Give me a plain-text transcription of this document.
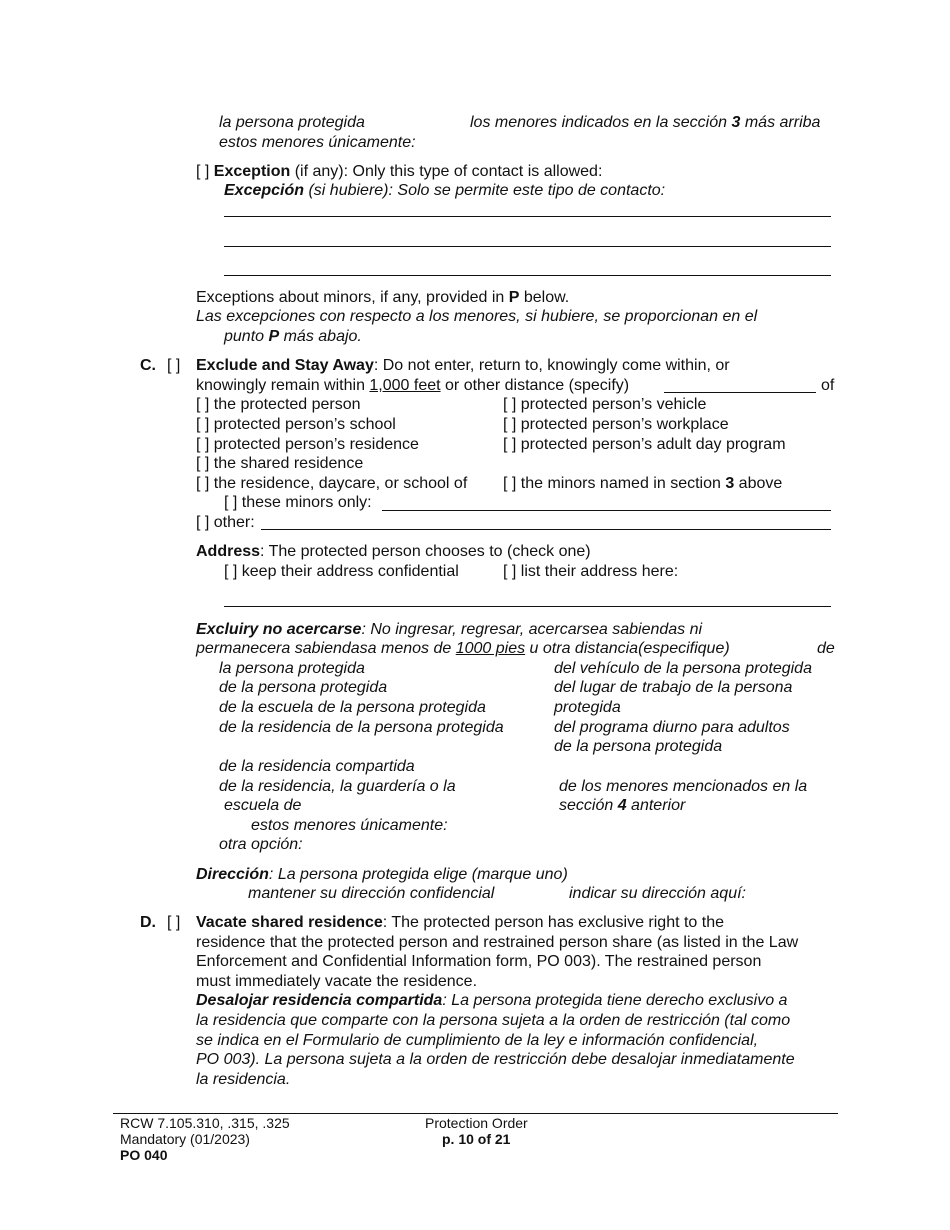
la persona protegida	los menores indicados en la sección 3 más arriba
estos menores únicamente:
[ ] Exception (if any): Only this type of contact is allowed:
Excepción (si hubiere): Solo se permite este tipo de contacto:
Exceptions about minors, if any, provided in P below.
Las excepciones con respecto a los menores, si hubiere, se proporcionan en el
punto P más abajo.
C. [ ] Exclude and Stay Away: Do not enter, return to, knowingly come within, or
knowingly remain within 1,000 feet or other distance (specify)	of
[ ] the protected person
[ ] protected person’s school
[ ] protected person’s residence
[ ] the shared residence
[ ] the residence, daycare, or school of
[ ] protected person’s vehicle
[ ] protected person’s workplace
[ ] protected person’s adult day program
[ ] the minors named in section 3 above
[ ] these minors only:
[ ] other:
Address: The protected person chooses to (check one)
[ ] keep their address confidential	[ ] list their address here:
Excluiry no acercarse: No ingresar, regresar, acercarsea sabiendas ni
permanecera sabiendasa menos de 1000 pies u otra distancia(especifique)	de
la persona protegida
de la persona protegida
de la escuela de la persona protegida
de la residencia de la persona protegida
del vehículo de la persona protegida
del lugar de trabajo de la persona
protegida
del programa diurno para adultos
de la persona protegida
de la residencia compartida
de la residencia, la guardería o la
escuela de
de los menores mencionados en la
sección 4 anterior
estos menores únicamente:
otra opción:
Dirección: La persona protegida elige (marque uno)
mantener su dirección confidencial	indicar su dirección aquí:
D. [ ] Vacate shared residence: The protected person has exclusive right to the
residence that the protected person and restrained person share (as listed in the Law
Enforcement and Confidential Information form, PO 003). The restrained person
must immediately vacate the residence.
Desalojar residencia compartida: La persona protegida tiene derecho exclusivo a
la residencia que comparte con la persona sujeta a la orden de restricción (tal como
se indica en el Formulario de cumplimiento de la ley e información confidencial,
PO 003). La persona sujeta a la orden de restricción debe desalojar inmediatamente
la residencia.
RCW 7.105.310, .315, .325
Mandatory (01/2023)
PO 040
Protection Order
p. 10 of 21
